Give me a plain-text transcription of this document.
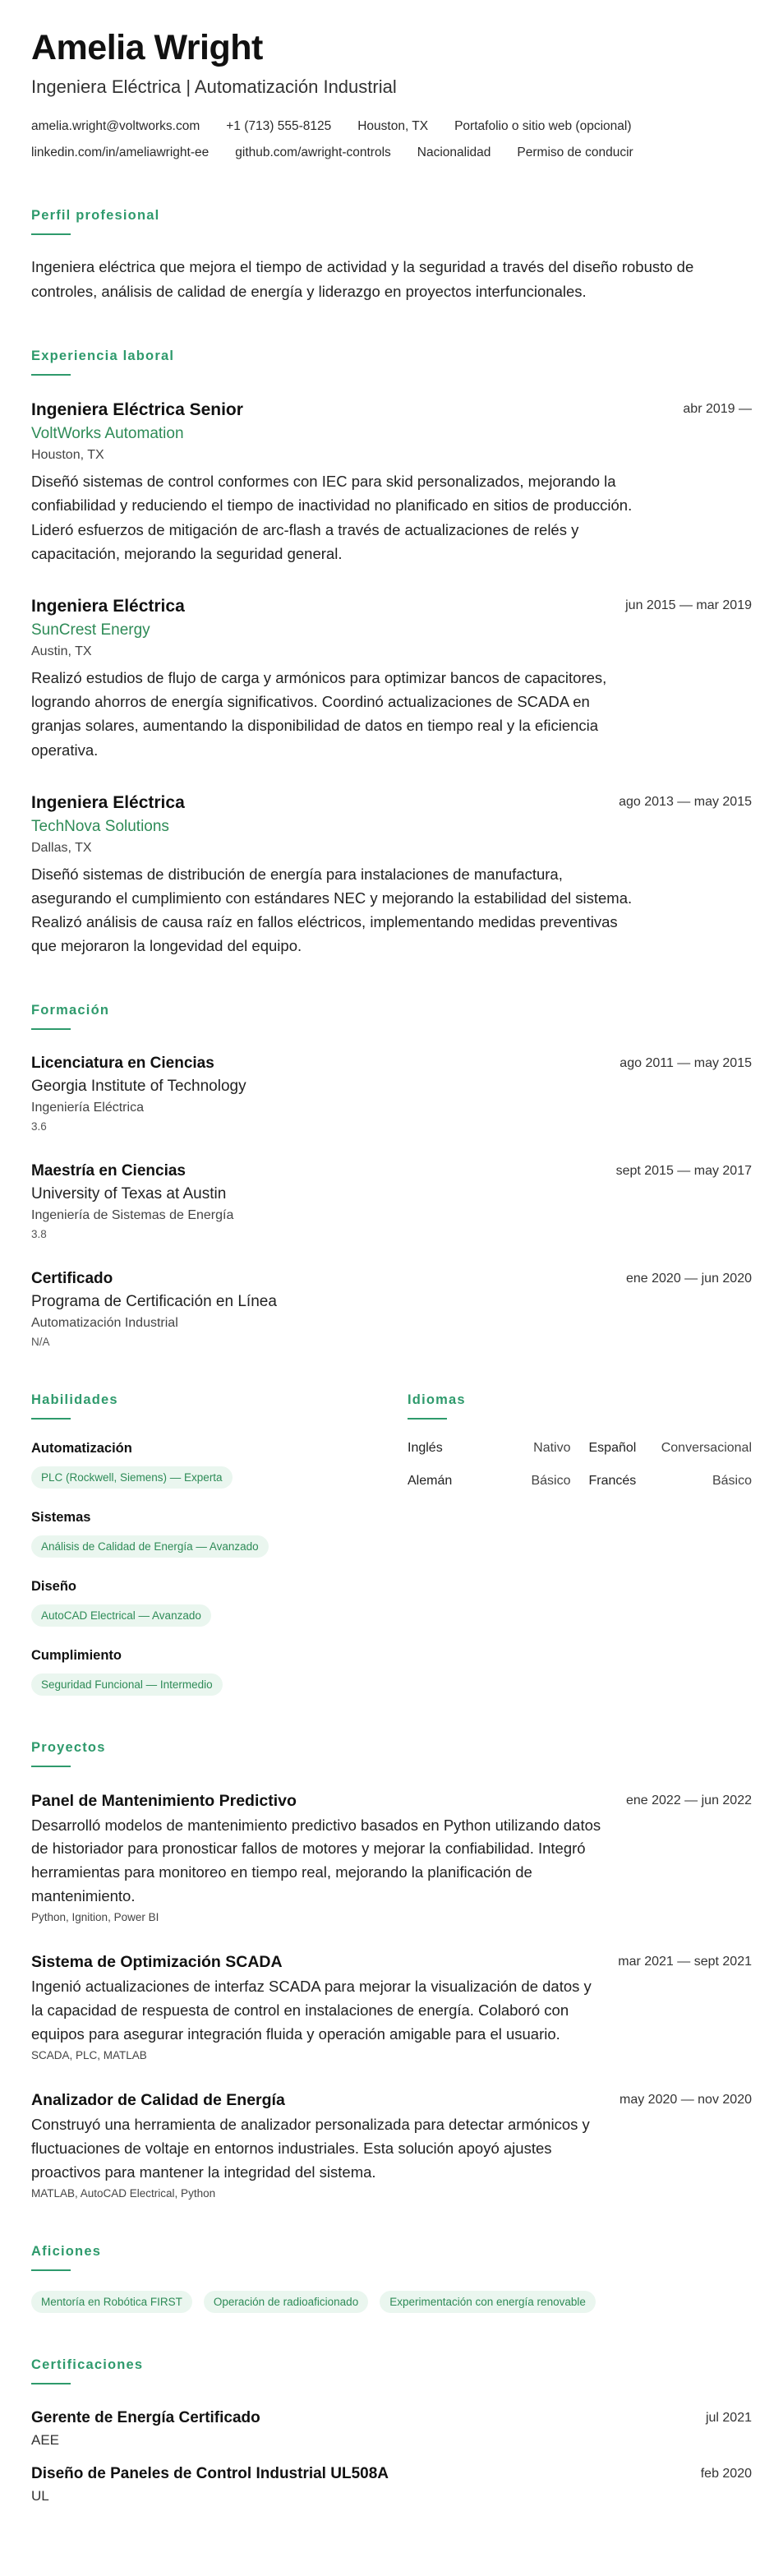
Amelia Wright
Ingeniera Eléctrica | Automatización Industrial
amelia.wright@voltworks.com +1 (713) 555-8125 Houston, TX Portafolio o sitio web (opcional)
linkedin.com/in/ameliawright-ee github.com/awright-controls Nacionalidad Permiso de conducir
Perfil profesional
Ingeniera eléctrica que mejora el tiempo de actividad y la seguridad a través del diseño robusto de controles, análisis de calidad de energía y liderazgo en proyectos interfuncionales.
Experiencia laboral
Ingeniera Eléctrica Senior	abr 2019 —
VoltWorks Automation
Houston, TX
Diseñó sistemas de control conformes con IEC para skid personalizados, mejorando la confiabilidad y reduciendo el tiempo de inactividad no planificado en sitios de producción. Lideró esfuerzos de mitigación de arc-flash a través de actualizaciones de relés y capacitación, mejorando la seguridad general.
Ingeniera Eléctrica	jun 2015 — mar 2019
SunCrest Energy
Austin, TX
Realizó estudios de flujo de carga y armónicos para optimizar bancos de capacitores, logrando ahorros de energía significativos. Coordinó actualizaciones de SCADA en granjas solares, aumentando la disponibilidad de datos en tiempo real y la eficiencia operativa.
Ingeniera Eléctrica	ago 2013 — may 2015
TechNova Solutions
Dallas, TX
Diseñó sistemas de distribución de energía para instalaciones de manufactura, asegurando el cumplimiento con estándares NEC y mejorando la estabilidad del sistema. Realizó análisis de causa raíz en fallos eléctricos, implementando medidas preventivas que mejoraron la longevidad del equipo.
Formación
Licenciatura en Ciencias	ago 2011 — may 2015
Georgia Institute of Technology
Ingeniería Eléctrica
3.6
Maestría en Ciencias	sept 2015 — may 2017
University of Texas at Austin
Ingeniería de Sistemas de Energía
3.8
Certificado	ene 2020 — jun 2020
Programa de Certificación en Línea
Automatización Industrial
N/A
Habilidades
Automatización
PLC (Rockwell, Siemens) — Experta
Sistemas
Análisis de Calidad de Energía — Avanzado
Diseño
AutoCAD Electrical — Avanzado
Cumplimiento
Seguridad Funcional — Intermedio
Idiomas
Inglés	Nativo Español Conversacional
Alemán	Básico Francés	Básico
Proyectos
Panel de Mantenimiento Predictivo	ene 2022 — jun 2022
Desarrolló modelos de mantenimiento predictivo basados en Python utilizando datos de historiador para pronosticar fallos de motores y mejorar la confiabilidad. Integró herramientas para monitoreo en tiempo real, mejorando la planificación de mantenimiento.
Python, Ignition, Power BI
Sistema de Optimización SCADA	mar 2021 — sept 2021
Ingenió actualizaciones de interfaz SCADA para mejorar la visualización de datos y la capacidad de respuesta de control en instalaciones de energía. Colaboró con equipos para asegurar integración fluida y operación amigable para el usuario.
SCADA, PLC, MATLAB
Analizador de Calidad de Energía	may 2020 — nov 2020
Construyó una herramienta de analizador personalizada para detectar armónicos y fluctuaciones de voltaje en entornos industriales. Esta solución apoyó ajustes proactivos para mantener la integridad del sistema.
MATLAB, AutoCAD Electrical, Python
Aficiones
Mentoría en Robótica FIRST	Operación de radioaficionado	Experimentación con energía renovable
Certificaciones
Gerente de Energía Certificado	jul 2021
AEE
Diseño de Paneles de Control Industrial UL508A	feb 2020
UL
